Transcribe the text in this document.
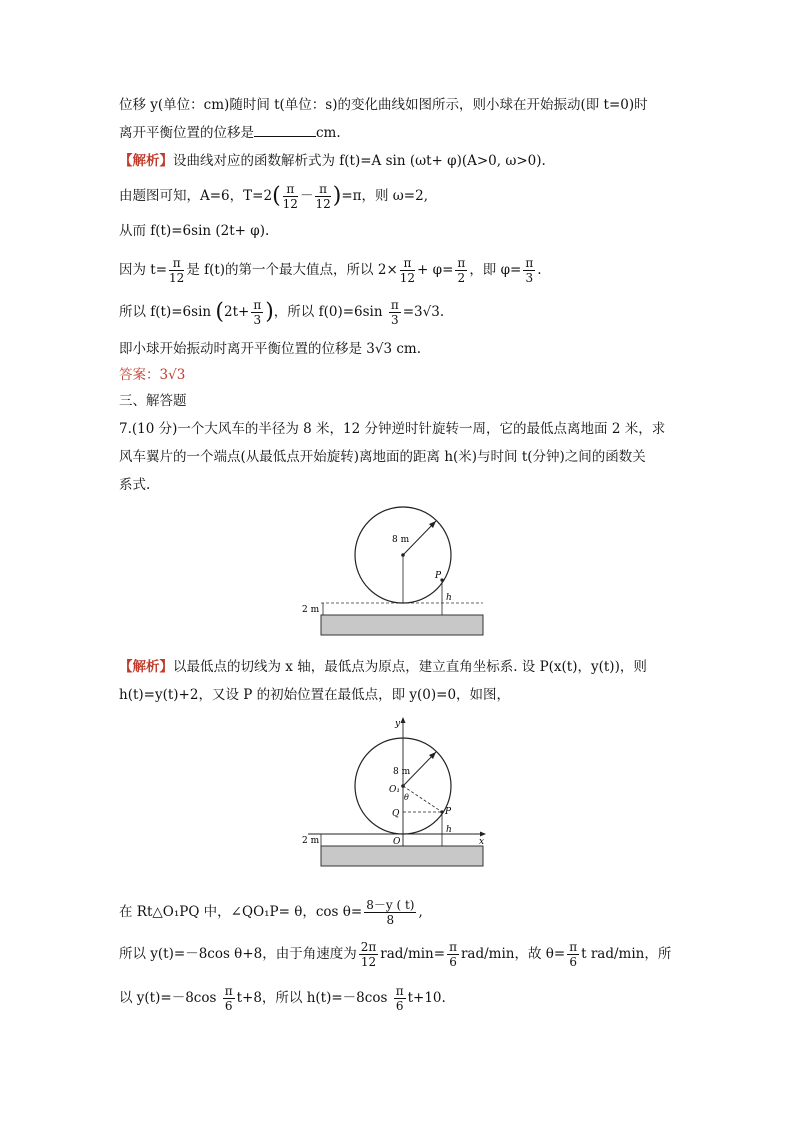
位移 y(单位：cm)随时间 t(单位：s)的变化曲线如图所示，则小球在开始振动(即 t=0)时
离开平衡位置的位移是	cm.
【解析】设曲线对应的函数解析式为 f(t)=A sin (ωt+ φ)(A>0, ω>0).
由题图可知，A=6，$T=2( \frac{\pi}{12} - \frac{\pi}{12} )=\pi$，则 ω=2,
从而 f(t)=6sin (2t+ φ).
因为 $t= \frac{\pi}{12}$ 是 f(t)的第一个最大值点，所以 $2\times \frac{\pi}{12} + \varphi= \frac{\pi}{2}$ ，即 $\varphi= \frac{\pi}{3}$ .
所以 f(t)=6sin ($2t+ \frac{\pi}{3}$ )，所以 $f(0)=6\sin \frac{\pi}{3} =3√3$.
即小球开始振动时离开平衡位置的位移是 3√3 cm.
答案：3√3
三、解答题
7.(10 分)一个大风车的半径为 8 米，12 分钟逆时针旋转一周，它的最低点离地面 2 米，求
风车翼片的一个端点(从最低点开始旋转)离地面的距离 h(米)与时间 t(分钟)之间的函数关
系式.
8 m
P
h
2 m
【解析】以最低点的切线为 x 轴，最低点为原点，建立直角坐标系. 设 P(x(t)，y(t))，则
h(t)=y(t)+2，又设 P 的初始位置在最低点，即 y(0)=0，如图，
x
y
8 m
O₁
θ
Q	P
h
O
2 m
在 Rt△O₁PQ 中，∠QO₁P= θ，$\cos \theta= \frac{8-y ( t)}{8}$ ,
所以 y(t)=－8cos θ+8，由于角速度为 $\frac{2\pi}{12} rad/\min= \frac{\pi}{6} rad/\min$，故 $\theta= \frac{\pi}{6}$ t rad/min，所
以 $y(t)=-8\cos \frac{\pi}{6} t+8$，所以 $h(t)=-8\cos \frac{\pi}{6} t+10$.
